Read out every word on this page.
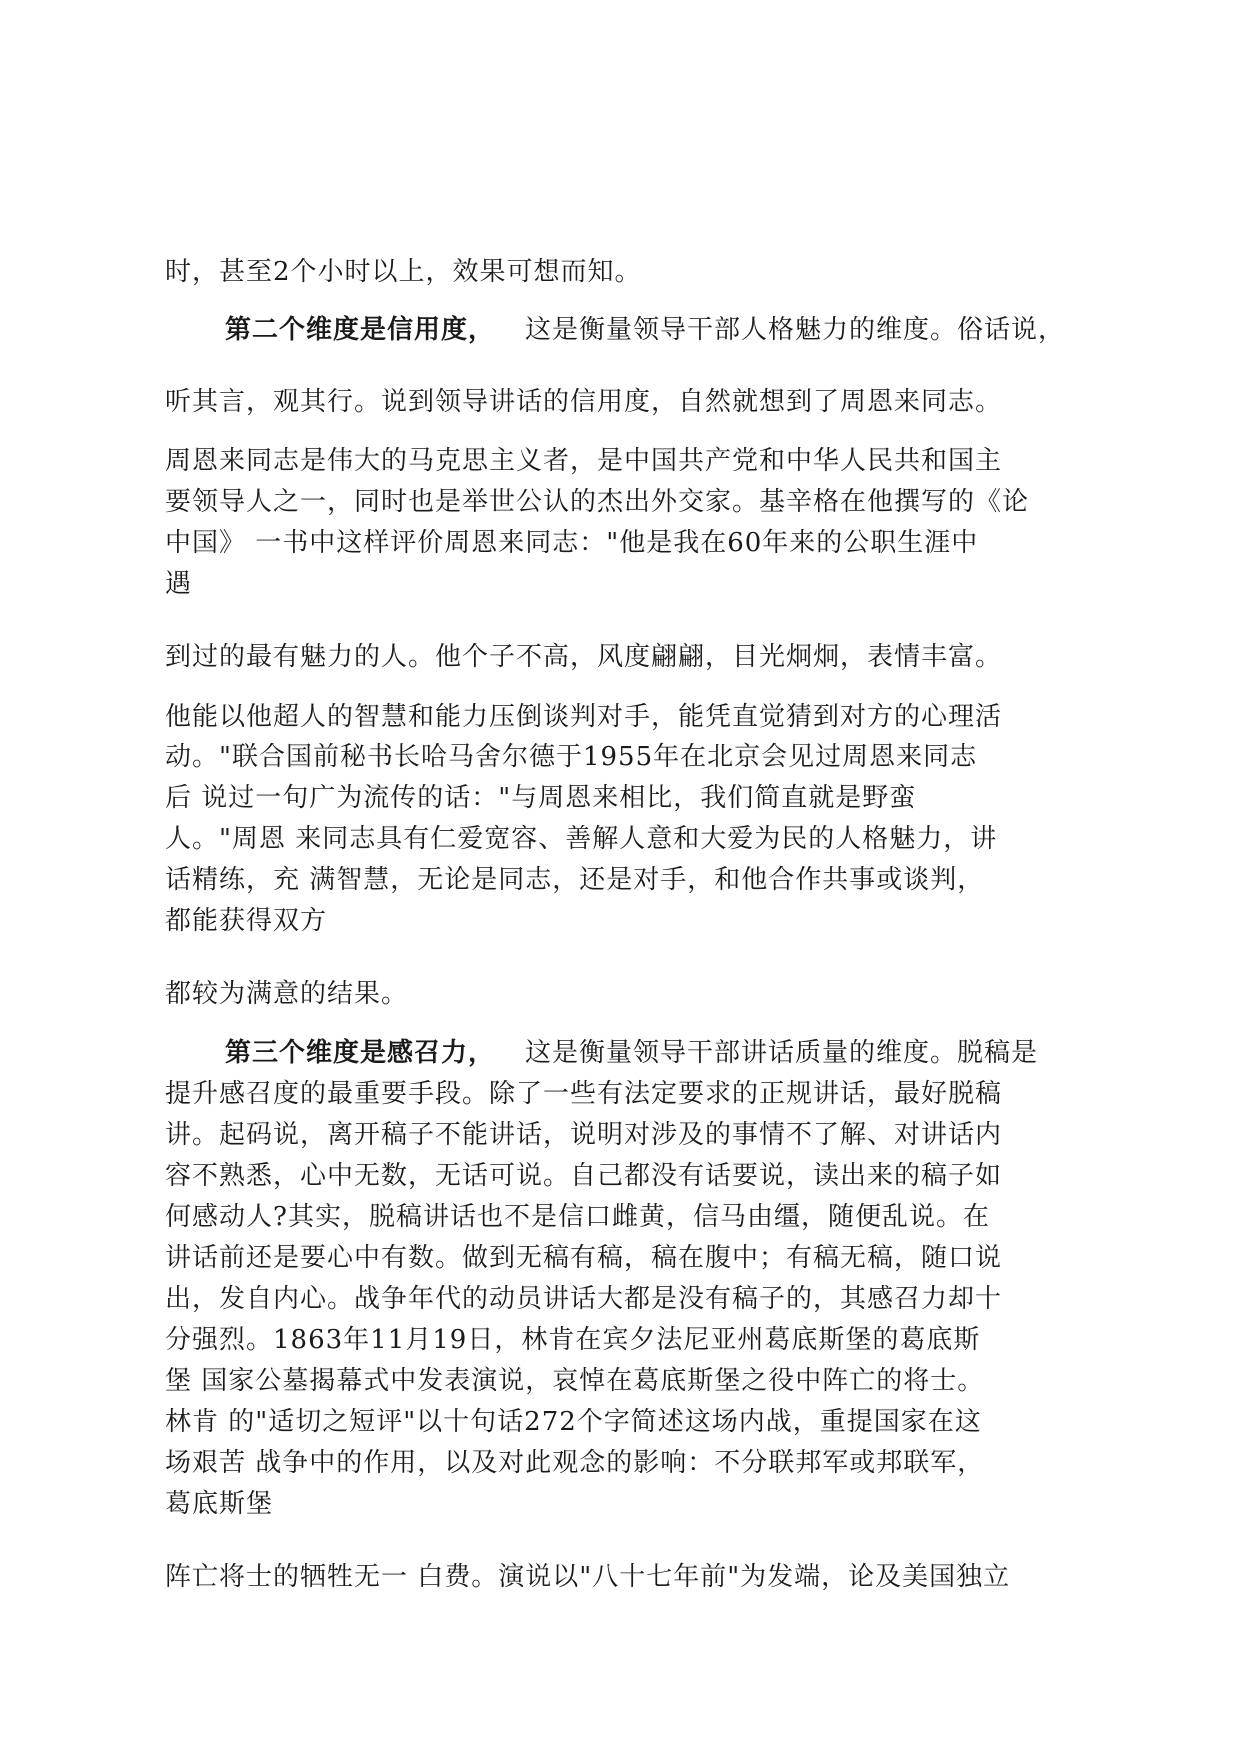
时，甚至2个小时以上，效果可想而知。
第二个维度是信用度， 这是衡量领导干部人格魅力的维度。俗话说，
听其言，观其行。说到领导讲话的信用度，自然就想到了周恩来同志。
周恩来同志是伟大的马克思主义者，是中国共产党和中华人民共和国主
要领导人之一，同时也是举世公认的杰出外交家。基辛格在他撰写的《论
中国》 一书中这样评价周恩来同志："他是我在60年来的公职生涯中
遇
到过的最有魅力的人。他个子不高，风度翩翩，目光炯炯，表情丰富。
他能以他超人的智慧和能力压倒谈判对手，能凭直觉猜到对方的心理活
动。"联合国前秘书长哈马舍尔德于1955年在北京会见过周恩来同志
后 说过一句广为流传的话："与周恩来相比，我们简直就是野蛮
人。"周恩 来同志具有仁爱宽容、善解人意和大爱为民的人格魅力，讲
话精练，充 满智慧，无论是同志，还是对手，和他合作共事或谈判，
都能获得双方
都较为满意的结果。
第三个维度是感召力， 这是衡量领导干部讲话质量的维度。脱稿是
提升感召度的最重要手段。除了一些有法定要求的正规讲话，最好脱稿
讲。起码说，离开稿子不能讲话，说明对涉及的事情不了解、对讲话内
容不熟悉，心中无数，无话可说。自己都没有话要说，读出来的稿子如
何感动人?其实，脱稿讲话也不是信口雌黄，信马由缰，随便乱说。在
讲话前还是要心中有数。做到无稿有稿，稿在腹中；有稿无稿，随口说
出，发自内心。战争年代的动员讲话大都是没有稿子的，其感召力却十
分强烈。1863年11月19日，林肯在宾夕法尼亚州葛底斯堡的葛底斯
堡 国家公墓揭幕式中发表演说，哀悼在葛底斯堡之役中阵亡的将士。
林肯 的"适切之短评"以十句话272个字简述这场内战，重提国家在这
场艰苦 战争中的作用，以及对此观念的影响：不分联邦军或邦联军，
葛底斯堡
阵亡将士的牺牲无一 白费。演说以"八十七年前"为发端，论及美国独立
